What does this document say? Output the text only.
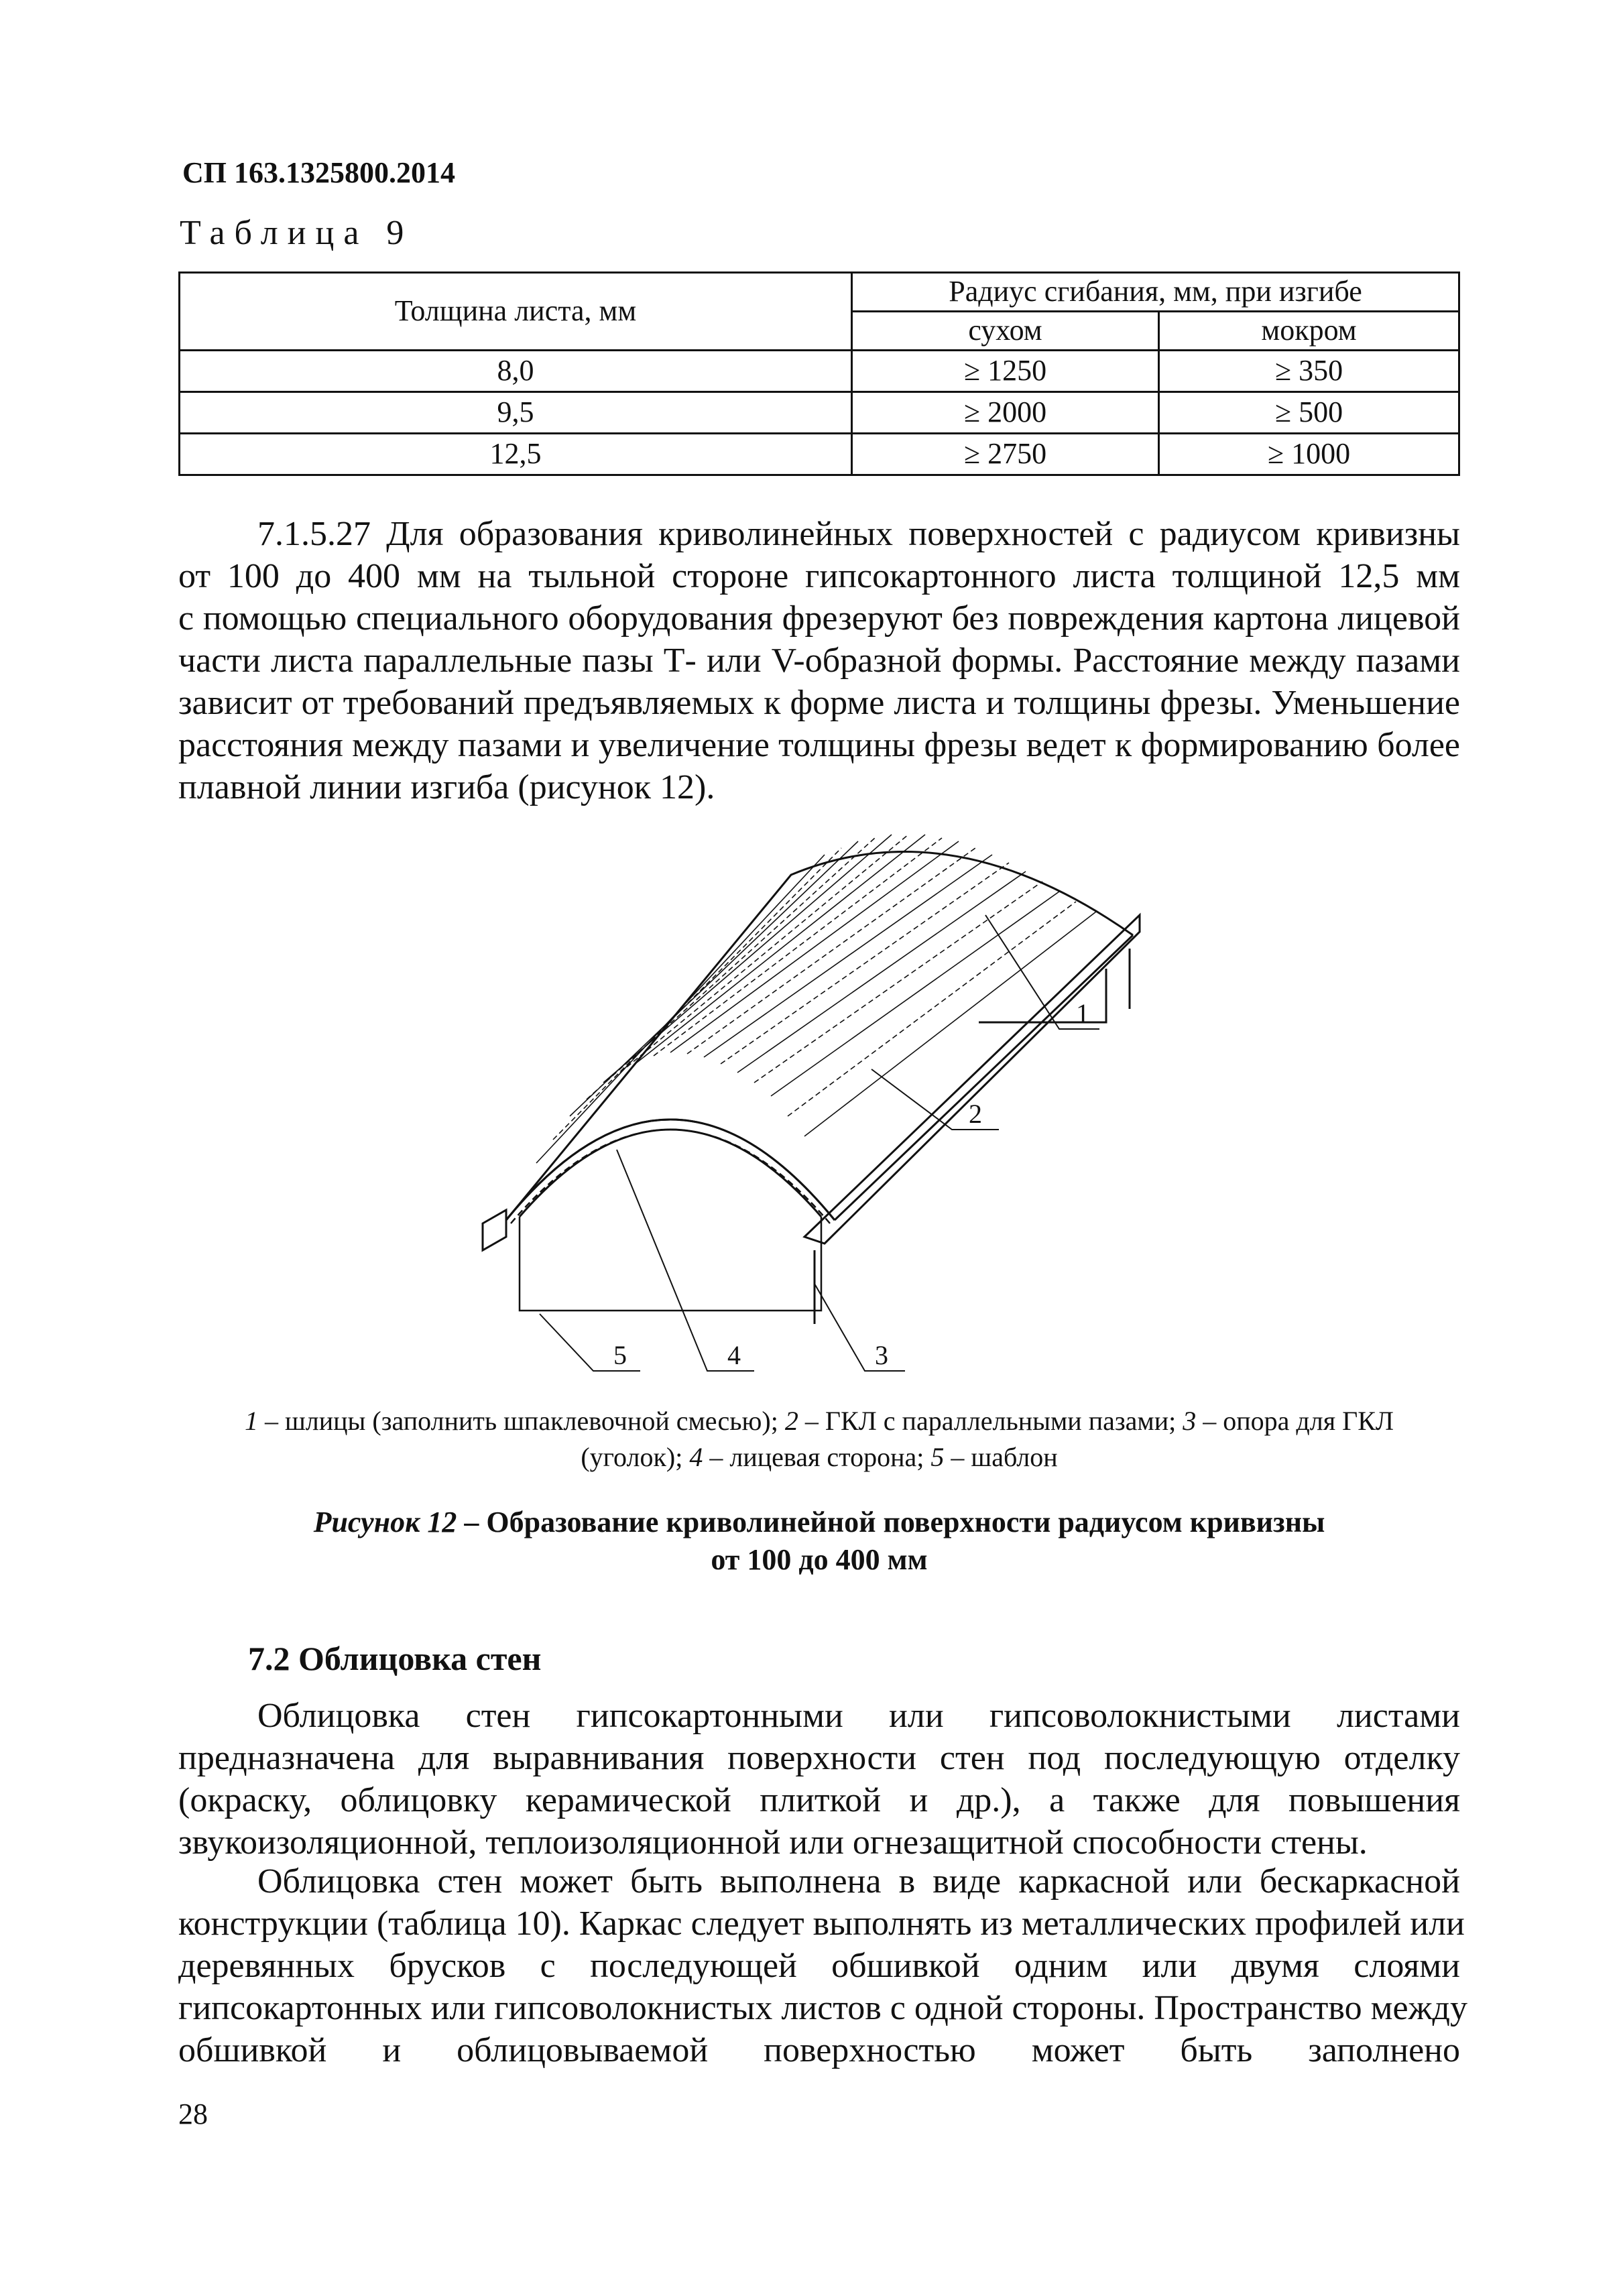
СП 163.1325800.2014
Таблица 9
Толщина листа, мм	Радиус сгибания, мм, при изгибе	
	сухом	мокром
8,0	≥ 1250	≥ 350
9,5	≥ 2000	≥ 500
12,5	≥ 2750	≥ 1000
7.1.5.27 Для образования криволинейных поверхностей с радиусом кривизны
от 100 до 400 мм на тыльной стороне гипсокартонного листа толщиной 12,5 мм
с помощью специального оборудования фрезеруют без повреждения картона лицевой
части листа параллельные пазы Т- или V-образной формы. Расстояние между пазами
зависит от требований предъявляемых к форме листа и толщины фрезы. Уменьшение
расстояния между пазами и увеличение толщины фрезы ведет к формированию более
плавной линии изгиба (рисунок 12).
1
2
3
4
5
1 – шлицы (заполнить шпаклевочной смесью); 2 – ГКЛ с параллельными пазами; 3 – опора для ГКЛ
(уголок); 4 – лицевая сторона; 5 – шаблон
Рисунок 12 – Образование криволинейной поверхности радиусом кривизны
от 100 до 400 мм
7.2 Облицовка стен
Облицовка стен гипсокартонными или гипсоволокнистыми листами
предназначена для выравнивания поверхности стен под последующую отделку
(окраску, облицовку керамической плиткой и др.), а также для повышения
звукоизоляционной, теплоизоляционной или огнезащитной способности стены.
Облицовка стен может быть выполнена в виде каркасной или бескаркасной
конструкции (таблица 10). Каркас следует выполнять из металлических профилей или
деревянных брусков с последующей обшивкой одним или двумя слоями
гипсокартонных или гипсоволокнистых листов с одной стороны. Пространство между
обшивкой и облицовываемой поверхностью может быть заполнено
28
